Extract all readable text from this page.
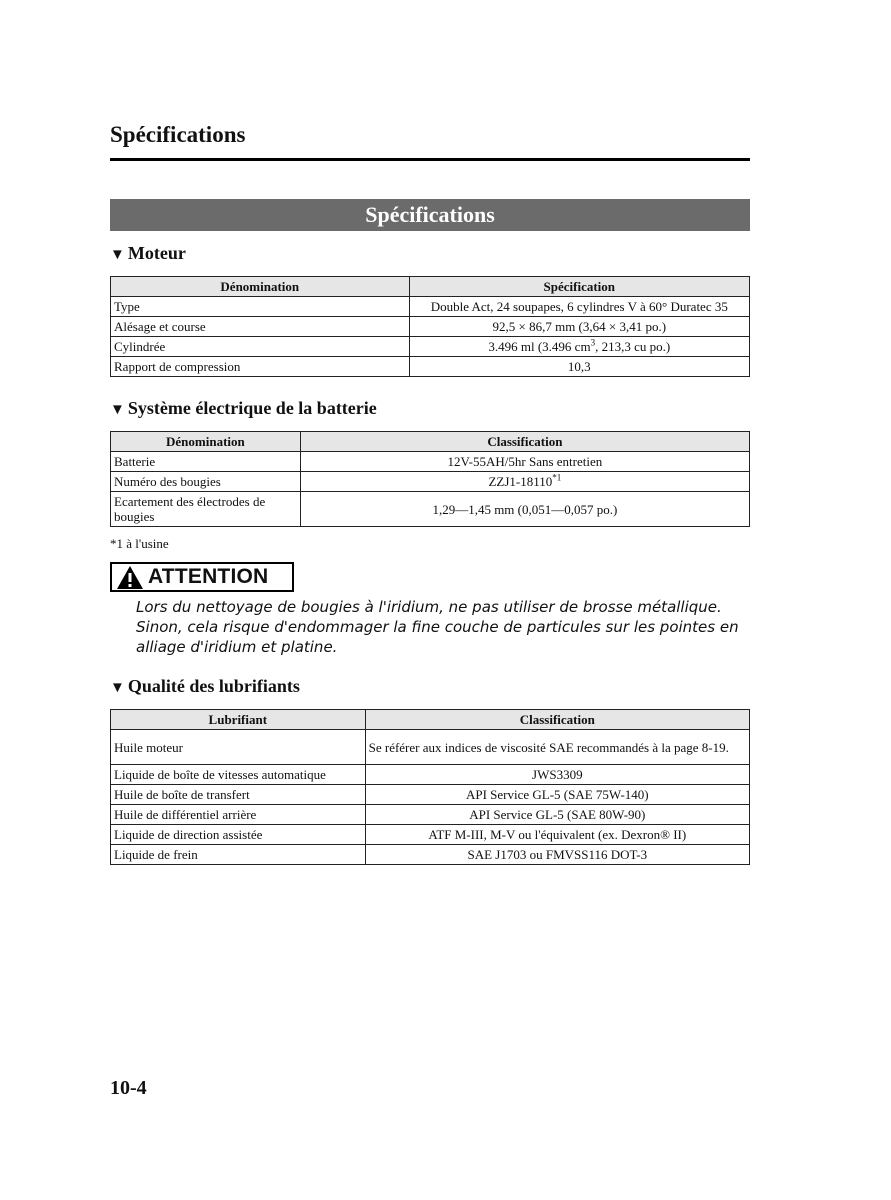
Spécifications
Spécifications
▼ Moteur
Dénomination	Spécification
Type	Double Act, 24 soupapes, 6 cylindres V à 60° Duratec 35
Alésage et course	92,5 × 86,7 mm (3,64 × 3,41 po.)
Cylindrée	3.496 ml (3.496 $cm^3$, 213,3 cu po.)
Rapport de compression	10,3
▼ Système électrique de la batterie
Dénomination	Classification
Batterie	12V-55AH/5hr Sans entretien
Numéro des bougies	ZZJ1-18110$^{*1}$
Ecartement des électrodes de bougies	1,29—1,45 mm (0,051—0,057 po.)
*1 à l'usine
ATTENTION
Lors du nettoyage de bougies à l'iridium, ne pas utiliser de brosse métallique. Sinon, cela risque d'endommager la fine couche de particules sur les pointes en alliage d'iridium et platine.
▼ Qualité des lubrifiants
Lubrifiant	Classification
Huile moteur	Se référer aux indices de viscosité SAE recommandés à la page 8-19.
Liquide de boîte de vitesses automatique	JWS3309
Huile de boîte de transfert	API Service GL-5 (SAE 75W-140)
Huile de différentiel arrière	API Service GL-5 (SAE 80W-90)
Liquide de direction assistée	ATF M-III, M-V ou l'équivalent (ex. Dexron® II)
Liquide de frein	SAE J1703 ou FMVSS116 DOT-3
10-4
